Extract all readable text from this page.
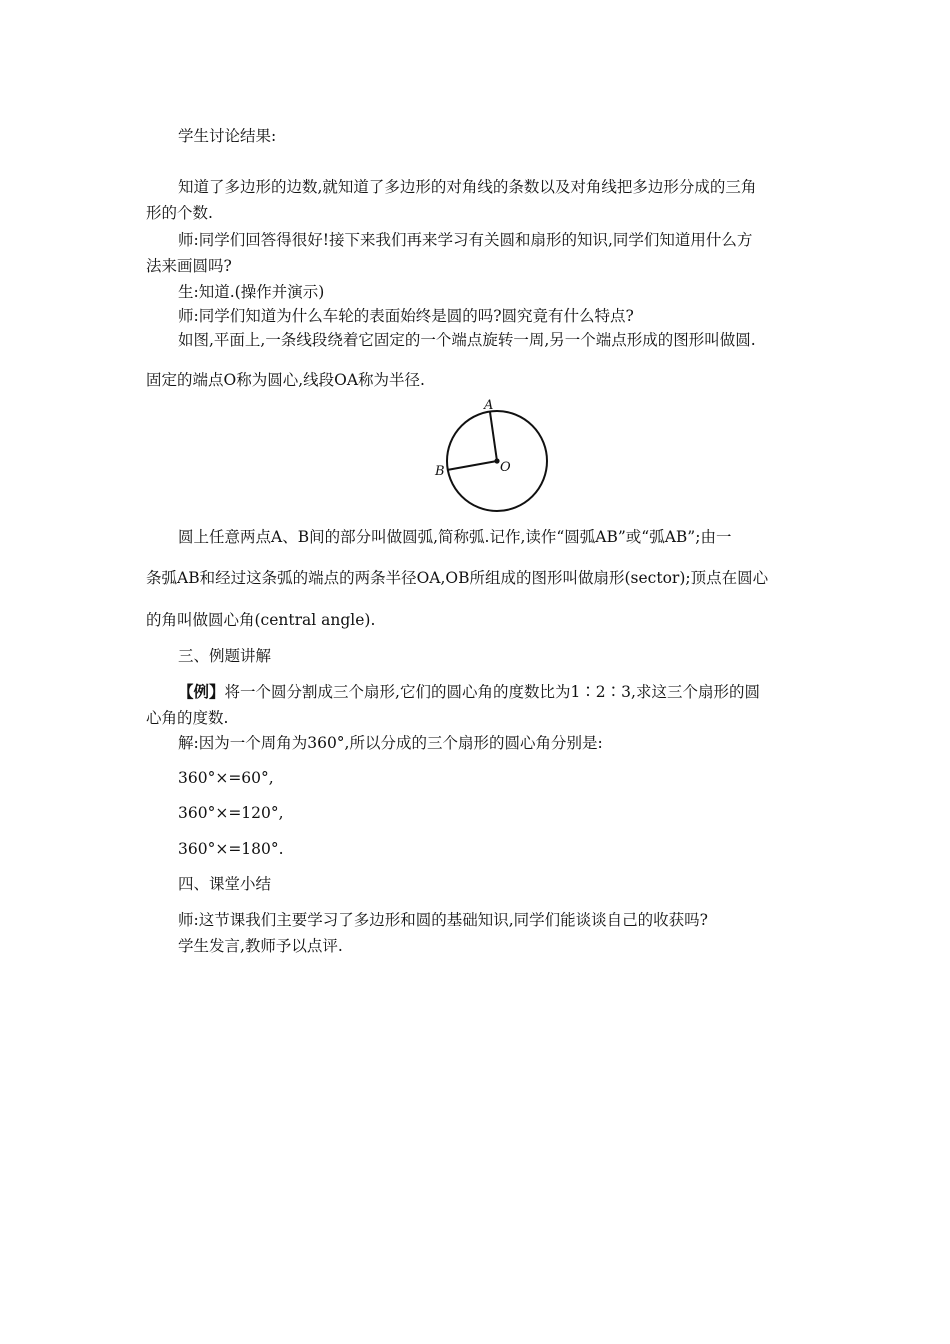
学生讨论结果:
知道了多边形的边数,就知道了多边形的对角线的条数以及对角线把多边形分成的三角
形的个数.
师:同学们回答得很好!接下来我们再来学习有关圆和扇形的知识,同学们知道用什么方
法来画圆吗?
生:知道.(操作并演示)
师:同学们知道为什么车轮的表面始终是圆的吗?圆究竟有什么特点?
如图,平面上,一条线段绕着它固定的一个端点旋转一周,另一个端点形成的图形叫做圆.
固定的端点O称为圆心,线段OA称为半径.
A
B	O
圆上任意两点A、B间的部分叫做圆弧,简称弧.记作,读作“圆弧AB”或“弧AB”;由一
条弧AB和经过这条弧的端点的两条半径OA,OB所组成的图形叫做扇形(sector);顶点在圆心
的角叫做圆心角(central angle).
三、例题讲解
【例】将一个圆分割成三个扇形,它们的圆心角的度数比为1∶2∶3,求这三个扇形的圆
心角的度数.
解:因为一个周角为360°,所以分成的三个扇形的圆心角分别是:
360°×=60°,
360°×=120°,
360°×=180°.
四、课堂小结
师:这节课我们主要学习了多边形和圆的基础知识,同学们能谈谈自己的收获吗?
学生发言,教师予以点评.
